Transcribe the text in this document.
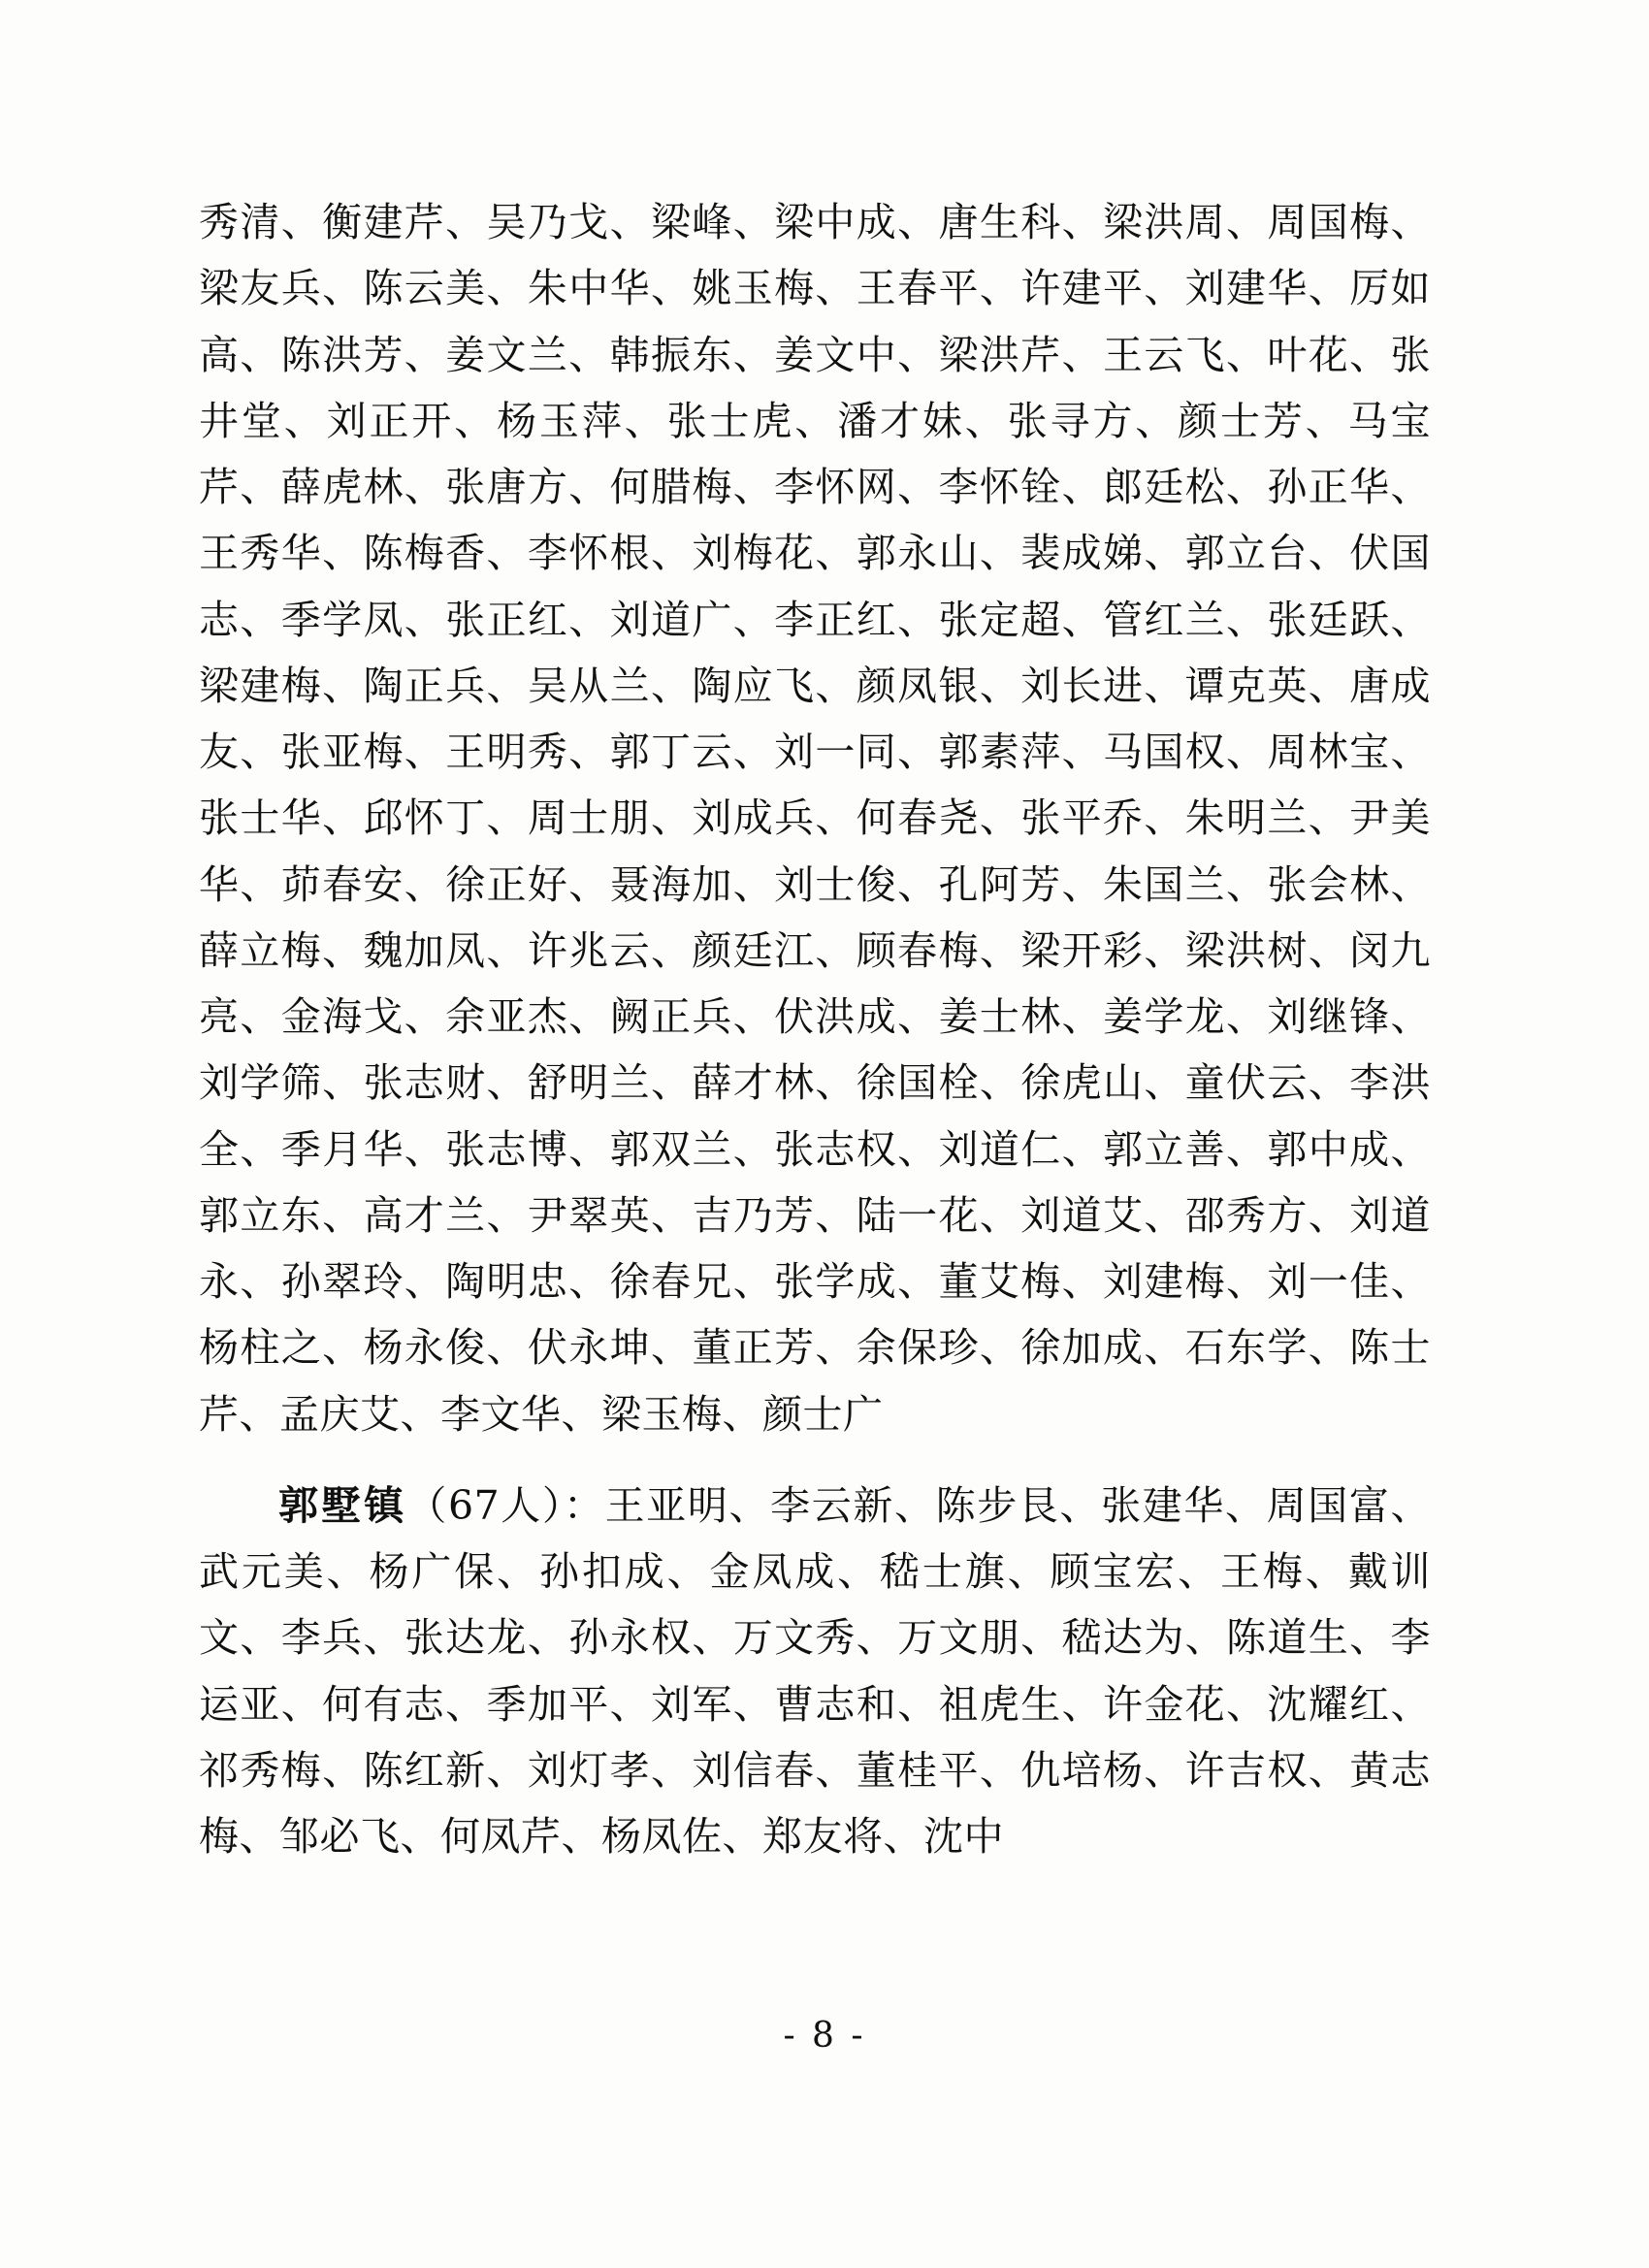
秀清、衡建芹、吴乃戈、梁峰、梁中成、唐生科、梁洪周、周国梅、梁友兵、陈云美、朱中华、姚玉梅、王春平、许建平、刘建华、厉如高、陈洪芳、姜文兰、韩振东、姜文中、梁洪芹、王云飞、叶花、张井堂、刘正开、杨玉萍、张士虎、潘才妹、张寻方、颜士芳、马宝芹、薛虎林、张唐方、何腊梅、李怀网、李怀铨、郎廷松、孙正华、王秀华、陈梅香、李怀根、刘梅花、郭永山、裴成娣、郭立台、伏国志、季学凤、张正红、刘道广、李正红、张定超、管红兰、张廷跃、梁建梅、陶正兵、吴从兰、陶应飞、颜凤银、刘长进、谭克英、唐成友、张亚梅、王明秀、郭丁云、刘一同、郭素萍、马国权、周林宝、张士华、邱怀丁、周士朋、刘成兵、何春尧、张平乔、朱明兰、尹美华、茆春安、徐正好、聂海加、刘士俊、孔阿芳、朱国兰、张会林、薛立梅、魏加凤、许兆云、颜廷江、顾春梅、梁开彩、梁洪树、闵九亮、金海戈、余亚杰、阙正兵、伏洪成、姜士林、姜学龙、刘继锋、刘学筛、张志财、舒明兰、薛才林、徐国栓、徐虎山、童伏云、李洪全、季月华、张志博、郭双兰、张志权、刘道仁、郭立善、郭中成、郭立东、高才兰、尹翠英、吉乃芳、陆一花、刘道艾、邵秀方、刘道永、孙翠玲、陶明忠、徐春兄、张学成、董艾梅、刘建梅、刘一佳、杨柱之、杨永俊、伏永坤、董正芳、余保珍、徐加成、石东学、陈士芹、孟庆艾、李文华、梁玉梅、颜士广

郭墅镇（67人）：王亚明、李云新、陈步艮、张建华、周国富、武元美、杨广保、孙扣成、金凤成、嵇士旗、顾宝宏、王梅、戴训文、李兵、张达龙、孙永权、万文秀、万文朋、嵇达为、陈道生、李运亚、何有志、季加平、刘军、曹志和、祖虎生、许金花、沈耀红、祁秀梅、陈红新、刘灯孝、刘信春、董桂平、仇培杨、许吉权、黄志梅、邹必飞、何凤芹、杨凤佐、郑友将、沈中

- 8 -
